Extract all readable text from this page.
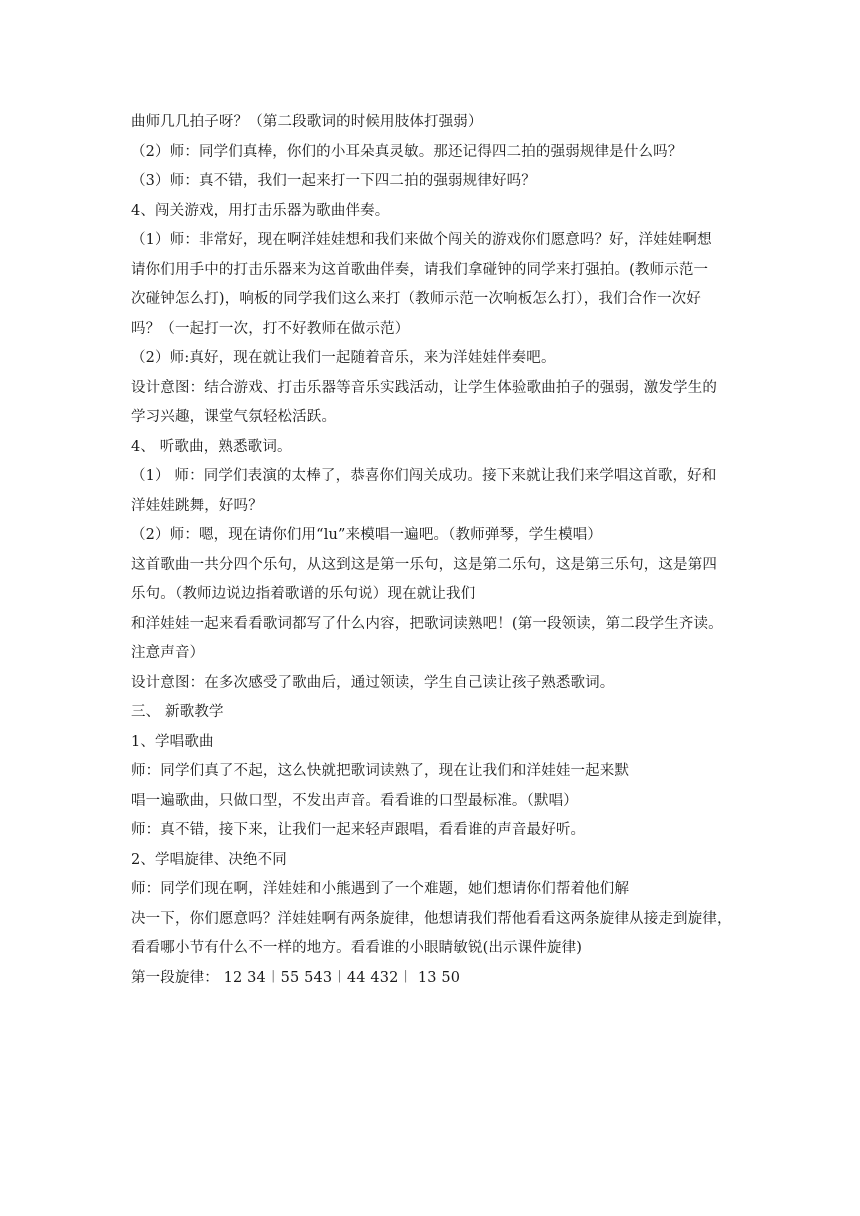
曲师几几拍子呀？（第二段歌词的时候用肢体打强弱）
（2）师：同学们真棒，你们的小耳朵真灵敏。那还记得四二拍的强弱规律是什么吗？
（3）师：真不错，我们一起来打一下四二拍的强弱规律好吗？
4、闯关游戏，用打击乐器为歌曲伴奏。
（1）师：非常好，现在啊洋娃娃想和我们来做个闯关的游戏你们愿意吗？好，洋娃娃啊想
请你们用手中的打击乐器来为这首歌曲伴奏，请我们拿碰钟的同学来打强拍。(教师示范一
次碰钟怎么打)，响板的同学我们这么来打（教师示范一次响板怎么打），我们合作一次好
吗？（一起打一次，打不好教师在做示范）
（2）师:真好，现在就让我们一起随着音乐，来为洋娃娃伴奏吧。
设计意图：结合游戏、打击乐器等音乐实践活动，让学生体验歌曲拍子的强弱，激发学生的
学习兴趣，课堂气氛轻松活跃。
4、 听歌曲，熟悉歌词。
（1） 师：同学们表演的太棒了，恭喜你们闯关成功。接下来就让我们来学唱这首歌，好和
洋娃娃跳舞，好吗？
（2）师：嗯，现在请你们用“lu”来模唱一遍吧。（教师弹琴，学生模唱）
这首歌曲一共分四个乐句，从这到这是第一乐句，这是第二乐句，这是第三乐句，这是第四
乐句。（教师边说边指着歌谱的乐句说）现在就让我们
和洋娃娃一起来看看歌词都写了什么内容，把歌词读熟吧！(第一段领读，第二段学生齐读。
注意声音）
设计意图：在多次感受了歌曲后，通过领读，学生自己读让孩子熟悉歌词。
三、 新歌教学
1、学唱歌曲
师：同学们真了不起，这么快就把歌词读熟了，现在让我们和洋娃娃一起来默
唱一遍歌曲，只做口型，不发出声音。看看谁的口型最标准。（默唱）
师：真不错，接下来，让我们一起来轻声跟唱，看看谁的声音最好听。
2、学唱旋律、决绝不同
师：同学们现在啊，洋娃娃和小熊遇到了一个难题，她们想请你们帮着他们解
决一下，你们愿意吗？洋娃娃啊有两条旋律，他想请我们帮他看看这两条旋律从接走到旋律，
看看哪小节有什么不一样的地方。看看谁的小眼睛敏锐(出示课件旋律)
第一段旋律： 12 34︱55 543︱44 432︱ 13 50
